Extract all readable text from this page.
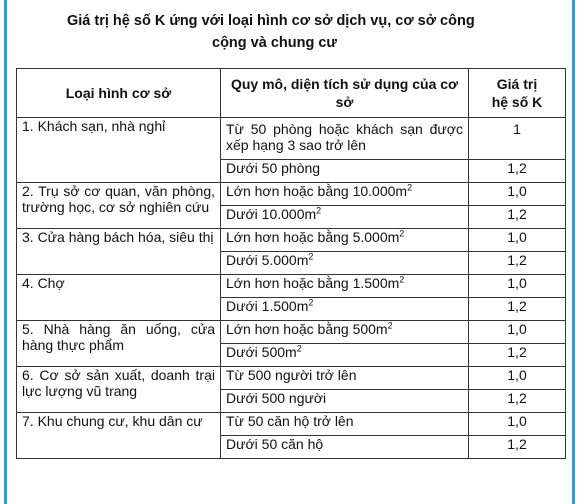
Giá trị hệ số K ứng với loại hình cơ sở dịch vụ, cơ sở công
cộng và chung cư
Loại hình cơ sở	Quy mô, diện tích sử dụng của cơ sở	Giá trị
hệ số K
1. Khách sạn, nhà nghỉ	Từ 50 phòng hoặc khách sạn được xếp hạng 3 sao trở lên	1
	Dưới 50 phòng	1,2
2. Trụ sở cơ quan, văn phòng, trường học, cơ sở nghiên cứu	Lớn hơn hoặc bằng $10.000m^2$	1,0
	Dưới $10.000m^2$	1,2
3. Cửa hàng bách hóa, siêu thị	Lớn hơn hoặc bằng $5.000m^2$	1,0
	Dưới $5.000m^2$	1,2
4. Chợ	Lớn hơn hoặc bằng $1.500m^2$	1,0
	Dưới $1.500m^2$	1,2
5. Nhà hàng ăn uống, cửa hàng thực phẩm	Lớn hơn hoặc bằng $500m^2$	1,0
	Dưới $500m^2$	1,2
6. Cơ sở sản xuất, doanh trại lực lượng vũ trang	Từ 500 người trở lên	1,0
	Dưới 500 người	1,2
7. Khu chung cư, khu dân cư	Từ 50 căn hộ trở lên	1,0
	Dưới 50 căn hộ	1,2
